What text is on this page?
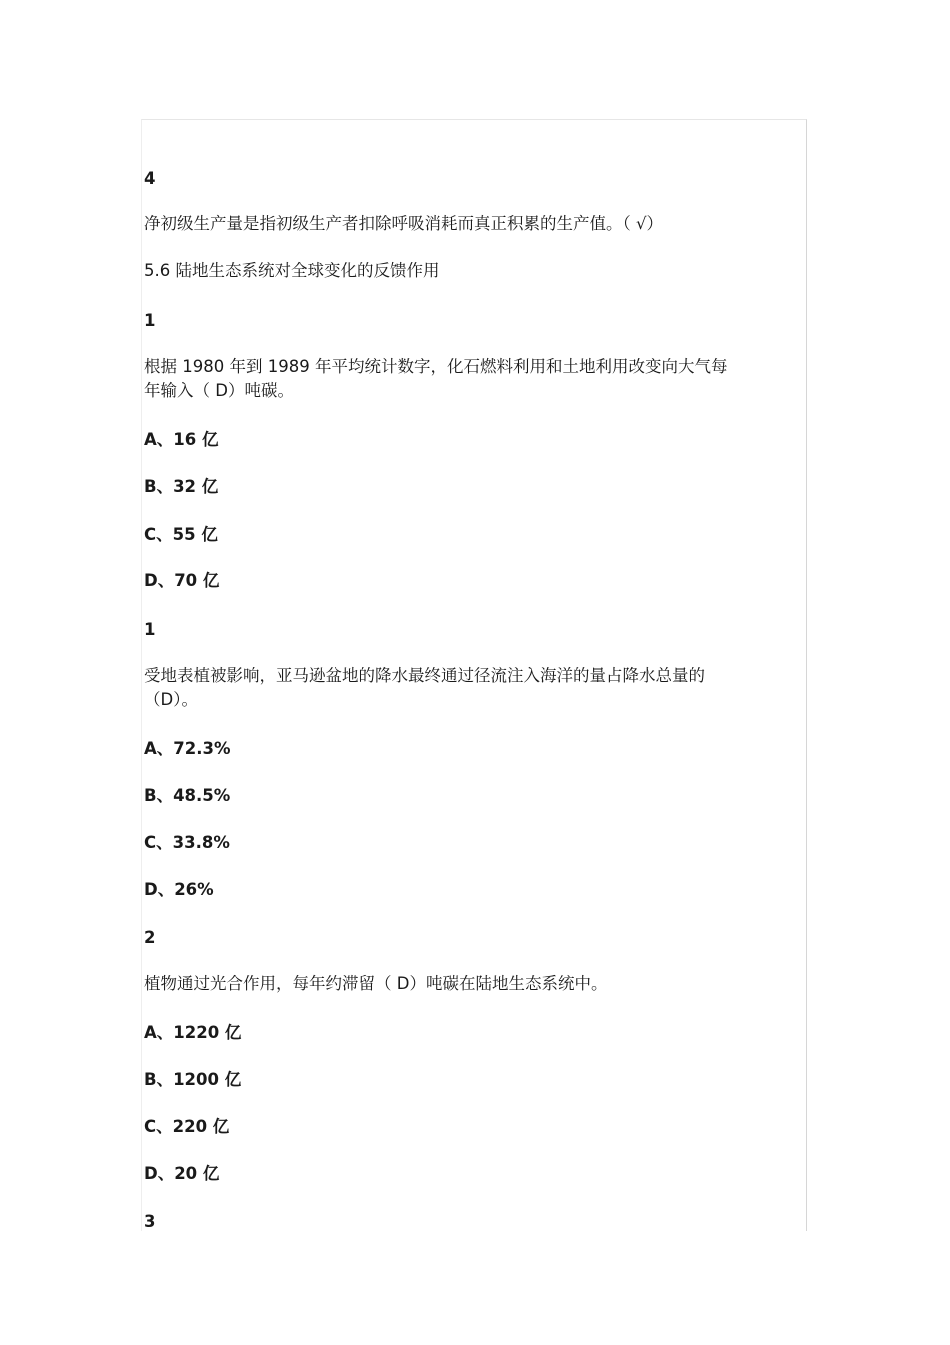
4
净初级生产量是指初级生产者扣除呼吸消耗而真正积累的生产值。（ √）
5.6 陆地生态系统对全球变化的反馈作用
1
根据 1980 年到 1989 年平均统计数字，化石燃料利用和土地利用改变向大气每
年输入（ D）吨碳。
A、16 亿
B、32 亿
C、55 亿
D、70 亿
1
受地表植被影响，亚马逊盆地的降水最终通过径流注入海洋的量占降水总量的
（D）。
A、72.3%
B、48.5%
C、33.8%
D、26%
2
植物通过光合作用，每年约滞留（ D）吨碳在陆地生态系统中。
A、1220 亿
B、1200 亿
C、220 亿
D、20 亿
3
